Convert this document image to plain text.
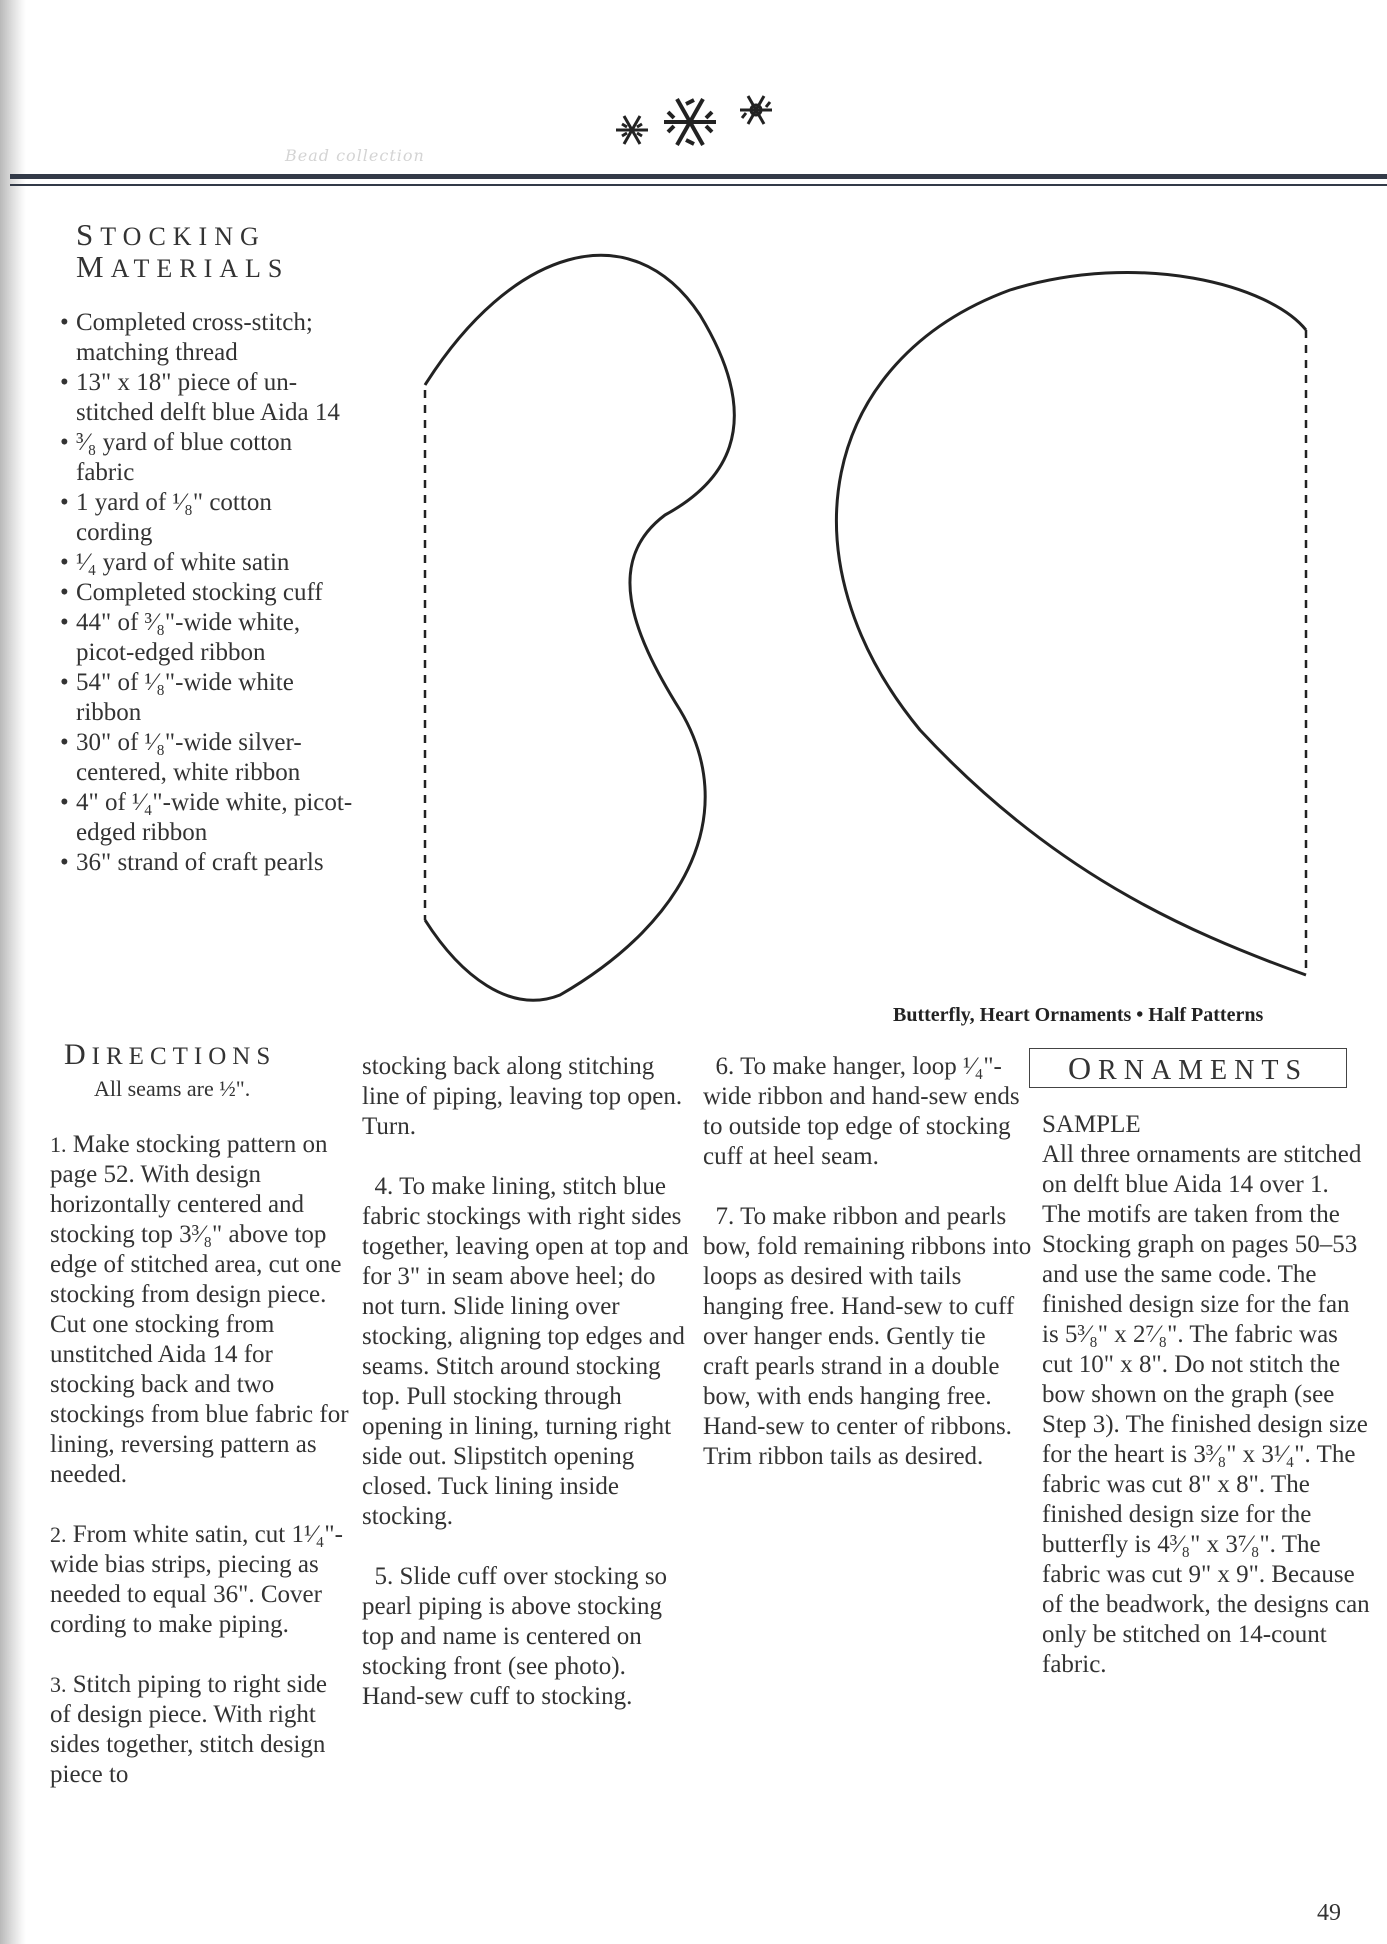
Bead collection
STOCKING
MATERIALS
• Completed cross-stitch; matching thread
• 13" x 18" piece of un-stitched delft blue Aida 14
• ³⁄₈ yard of blue cotton fabric
• 1 yard of ¹⁄₈" cotton cording
• ¹⁄₄ yard of white satin
• Completed stocking cuff
• 44" of ³⁄₈"-wide white, picot-edged ribbon
• 54" of ¹⁄₈"-wide white ribbon
• 30" of ¹⁄₈"-wide silver-centered, white ribbon
• 4" of ¹⁄₄"-wide white, picot-edged ribbon
• 36" strand of craft pearls
Butterfly, Heart Ornaments • Half Patterns
DIRECTIONS
All seams are ½".

1. Make stocking pattern on page 52. With design horizontally centered and stocking top 3³⁄₈" above top edge of stitched area, cut one stocking from design piece. Cut one stocking from unstitched Aida 14 for stocking back and two stockings from blue fabric for lining, reversing pattern as needed.

2. From white satin, cut 1¹⁄₄"-wide bias strips, piecing as needed to equal 36". Cover cording to make piping.

3. Stitch piping to right side of design piece. With right sides together, stitch design piece to

stocking back along stitching line of piping, leaving top open. Turn.

4. To make lining, stitch blue fabric stockings with right sides together, leaving open at top and for 3" in seam above heel; do not turn. Slide lining over stocking, aligning top edges and seams. Stitch around stocking top. Pull stocking through opening in lining, turning right side out. Slipstitch opening closed. Tuck lining inside stocking.

5. Slide cuff over stocking so pearl piping is above stocking top and name is centered on stocking front (see photo). Hand-sew cuff to stocking.

6. To make hanger, loop ¹⁄₄"-wide ribbon and hand-sew ends to outside top edge of stocking cuff at heel seam.

7. To make ribbon and pearls bow, fold remaining ribbons into loops as desired with tails hanging free. Hand-sew to cuff over hanger ends. Gently tie craft pearls strand in a double bow, with ends hanging free. Hand-sew to center of ribbons. Trim ribbon tails as desired.

ORNAMENTS
SAMPLE
All three ornaments are stitched on delft blue Aida 14 over 1. The motifs are taken from the Stocking graph on pages 50–53 and use the same code. The finished design size for the fan is 5³⁄₈" x 2⁷⁄₈". The fabric was cut 10" x 8". Do not stitch the bow shown on the graph (see Step 3). The finished design size for the heart is 3³⁄₈" x 3¹⁄₄". The fabric was cut 8" x 8". The finished design size for the butterfly is 4³⁄₈" x 3⁷⁄₈". The fabric was cut 9" x 9". Because of the beadwork, the designs can only be stitched on 14-count fabric.
49
